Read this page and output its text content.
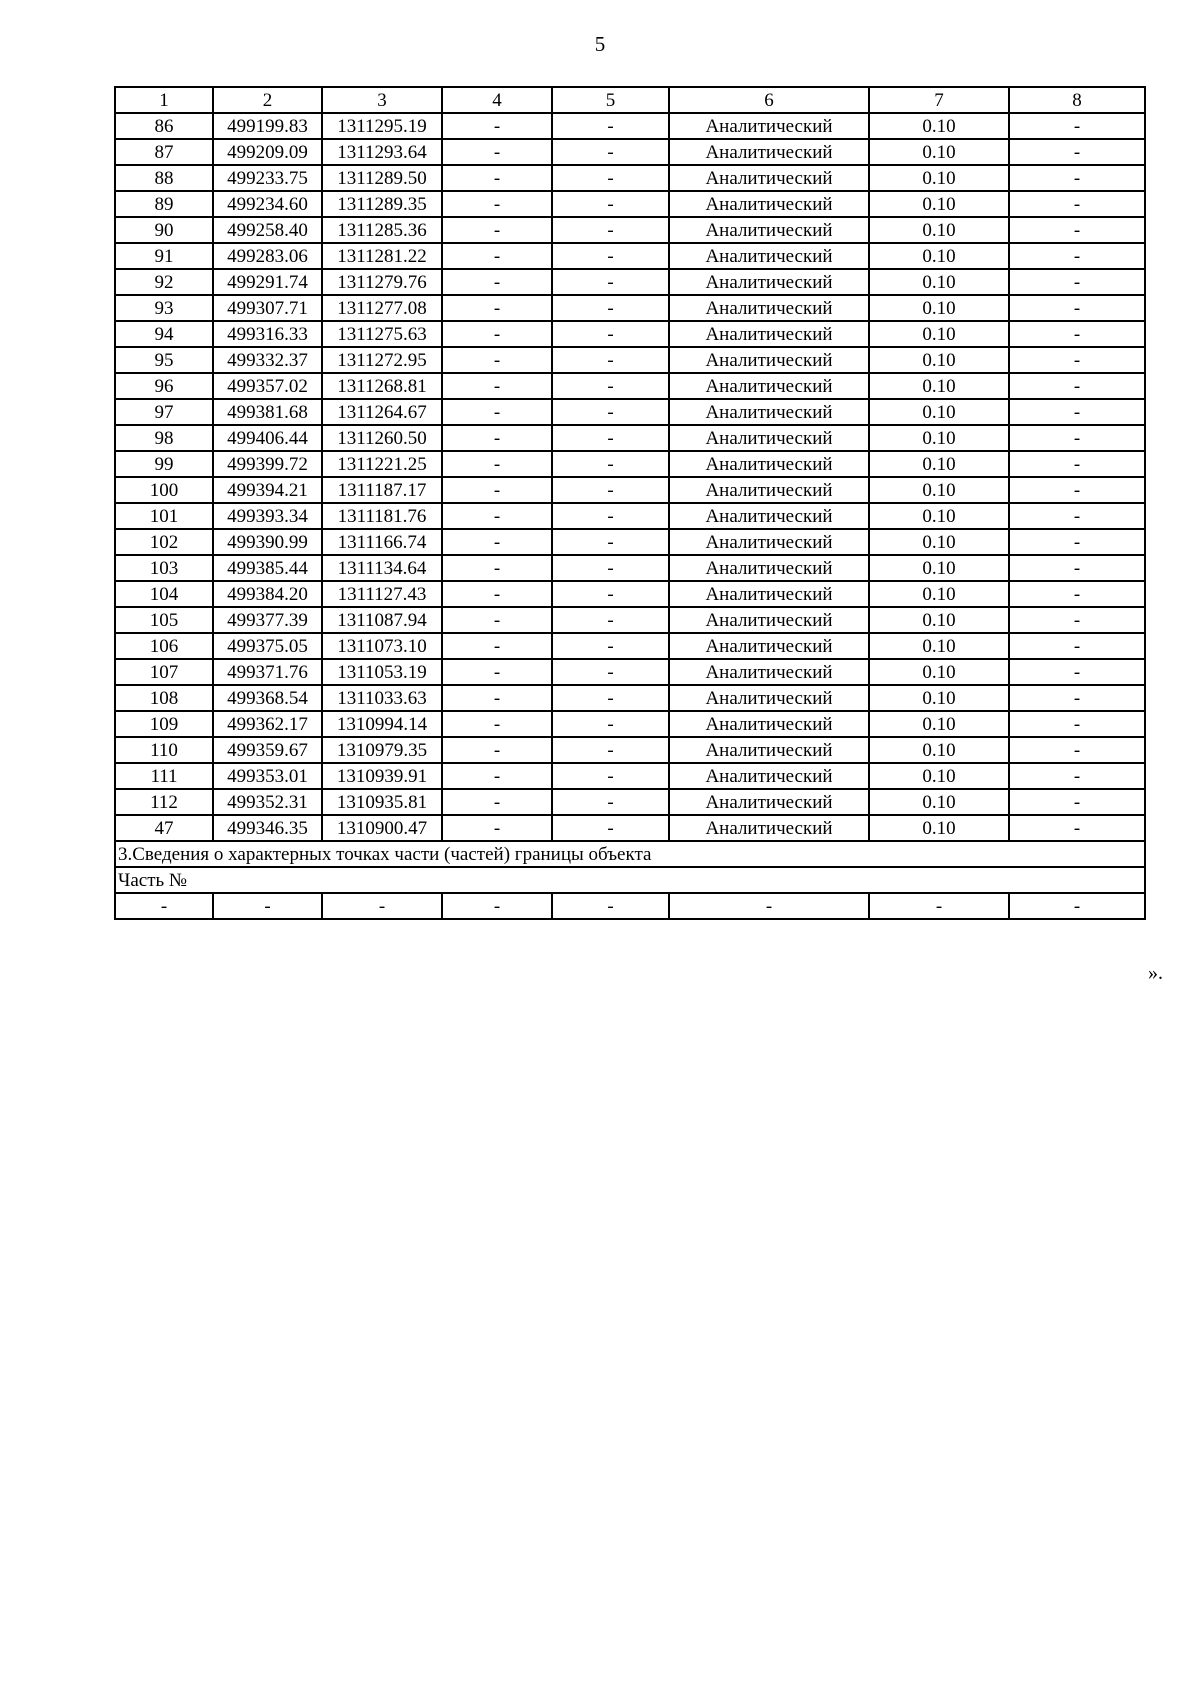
5
1	2	3	4	5	6	7	8
86	499199.83	1311295.19	-	-	Аналитический	0.10	-
87	499209.09	1311293.64	-	-	Аналитический	0.10	-
88	499233.75	1311289.50	-	-	Аналитический	0.10	-
89	499234.60	1311289.35	-	-	Аналитический	0.10	-
90	499258.40	1311285.36	-	-	Аналитический	0.10	-
91	499283.06	1311281.22	-	-	Аналитический	0.10	-
92	499291.74	1311279.76	-	-	Аналитический	0.10	-
93	499307.71	1311277.08	-	-	Аналитический	0.10	-
94	499316.33	1311275.63	-	-	Аналитический	0.10	-
95	499332.37	1311272.95	-	-	Аналитический	0.10	-
96	499357.02	1311268.81	-	-	Аналитический	0.10	-
97	499381.68	1311264.67	-	-	Аналитический	0.10	-
98	499406.44	1311260.50	-	-	Аналитический	0.10	-
99	499399.72	1311221.25	-	-	Аналитический	0.10	-
100	499394.21	1311187.17	-	-	Аналитический	0.10	-
101	499393.34	1311181.76	-	-	Аналитический	0.10	-
102	499390.99	1311166.74	-	-	Аналитический	0.10	-
103	499385.44	1311134.64	-	-	Аналитический	0.10	-
104	499384.20	1311127.43	-	-	Аналитический	0.10	-
105	499377.39	1311087.94	-	-	Аналитический	0.10	-
106	499375.05	1311073.10	-	-	Аналитический	0.10	-
107	499371.76	1311053.19	-	-	Аналитический	0.10	-
108	499368.54	1311033.63	-	-	Аналитический	0.10	-
109	499362.17	1310994.14	-	-	Аналитический	0.10	-
110	499359.67	1310979.35	-	-	Аналитический	0.10	-
111	499353.01	1310939.91	-	-	Аналитический	0.10	-
112	499352.31	1310935.81	-	-	Аналитический	0.10	-
47	499346.35	1310900.47	-	-	Аналитический	0.10	-
3.Сведения о характерных точках части (частей) границы объекта							
Часть №							
-	-	-	-	-	-	-	-
».
